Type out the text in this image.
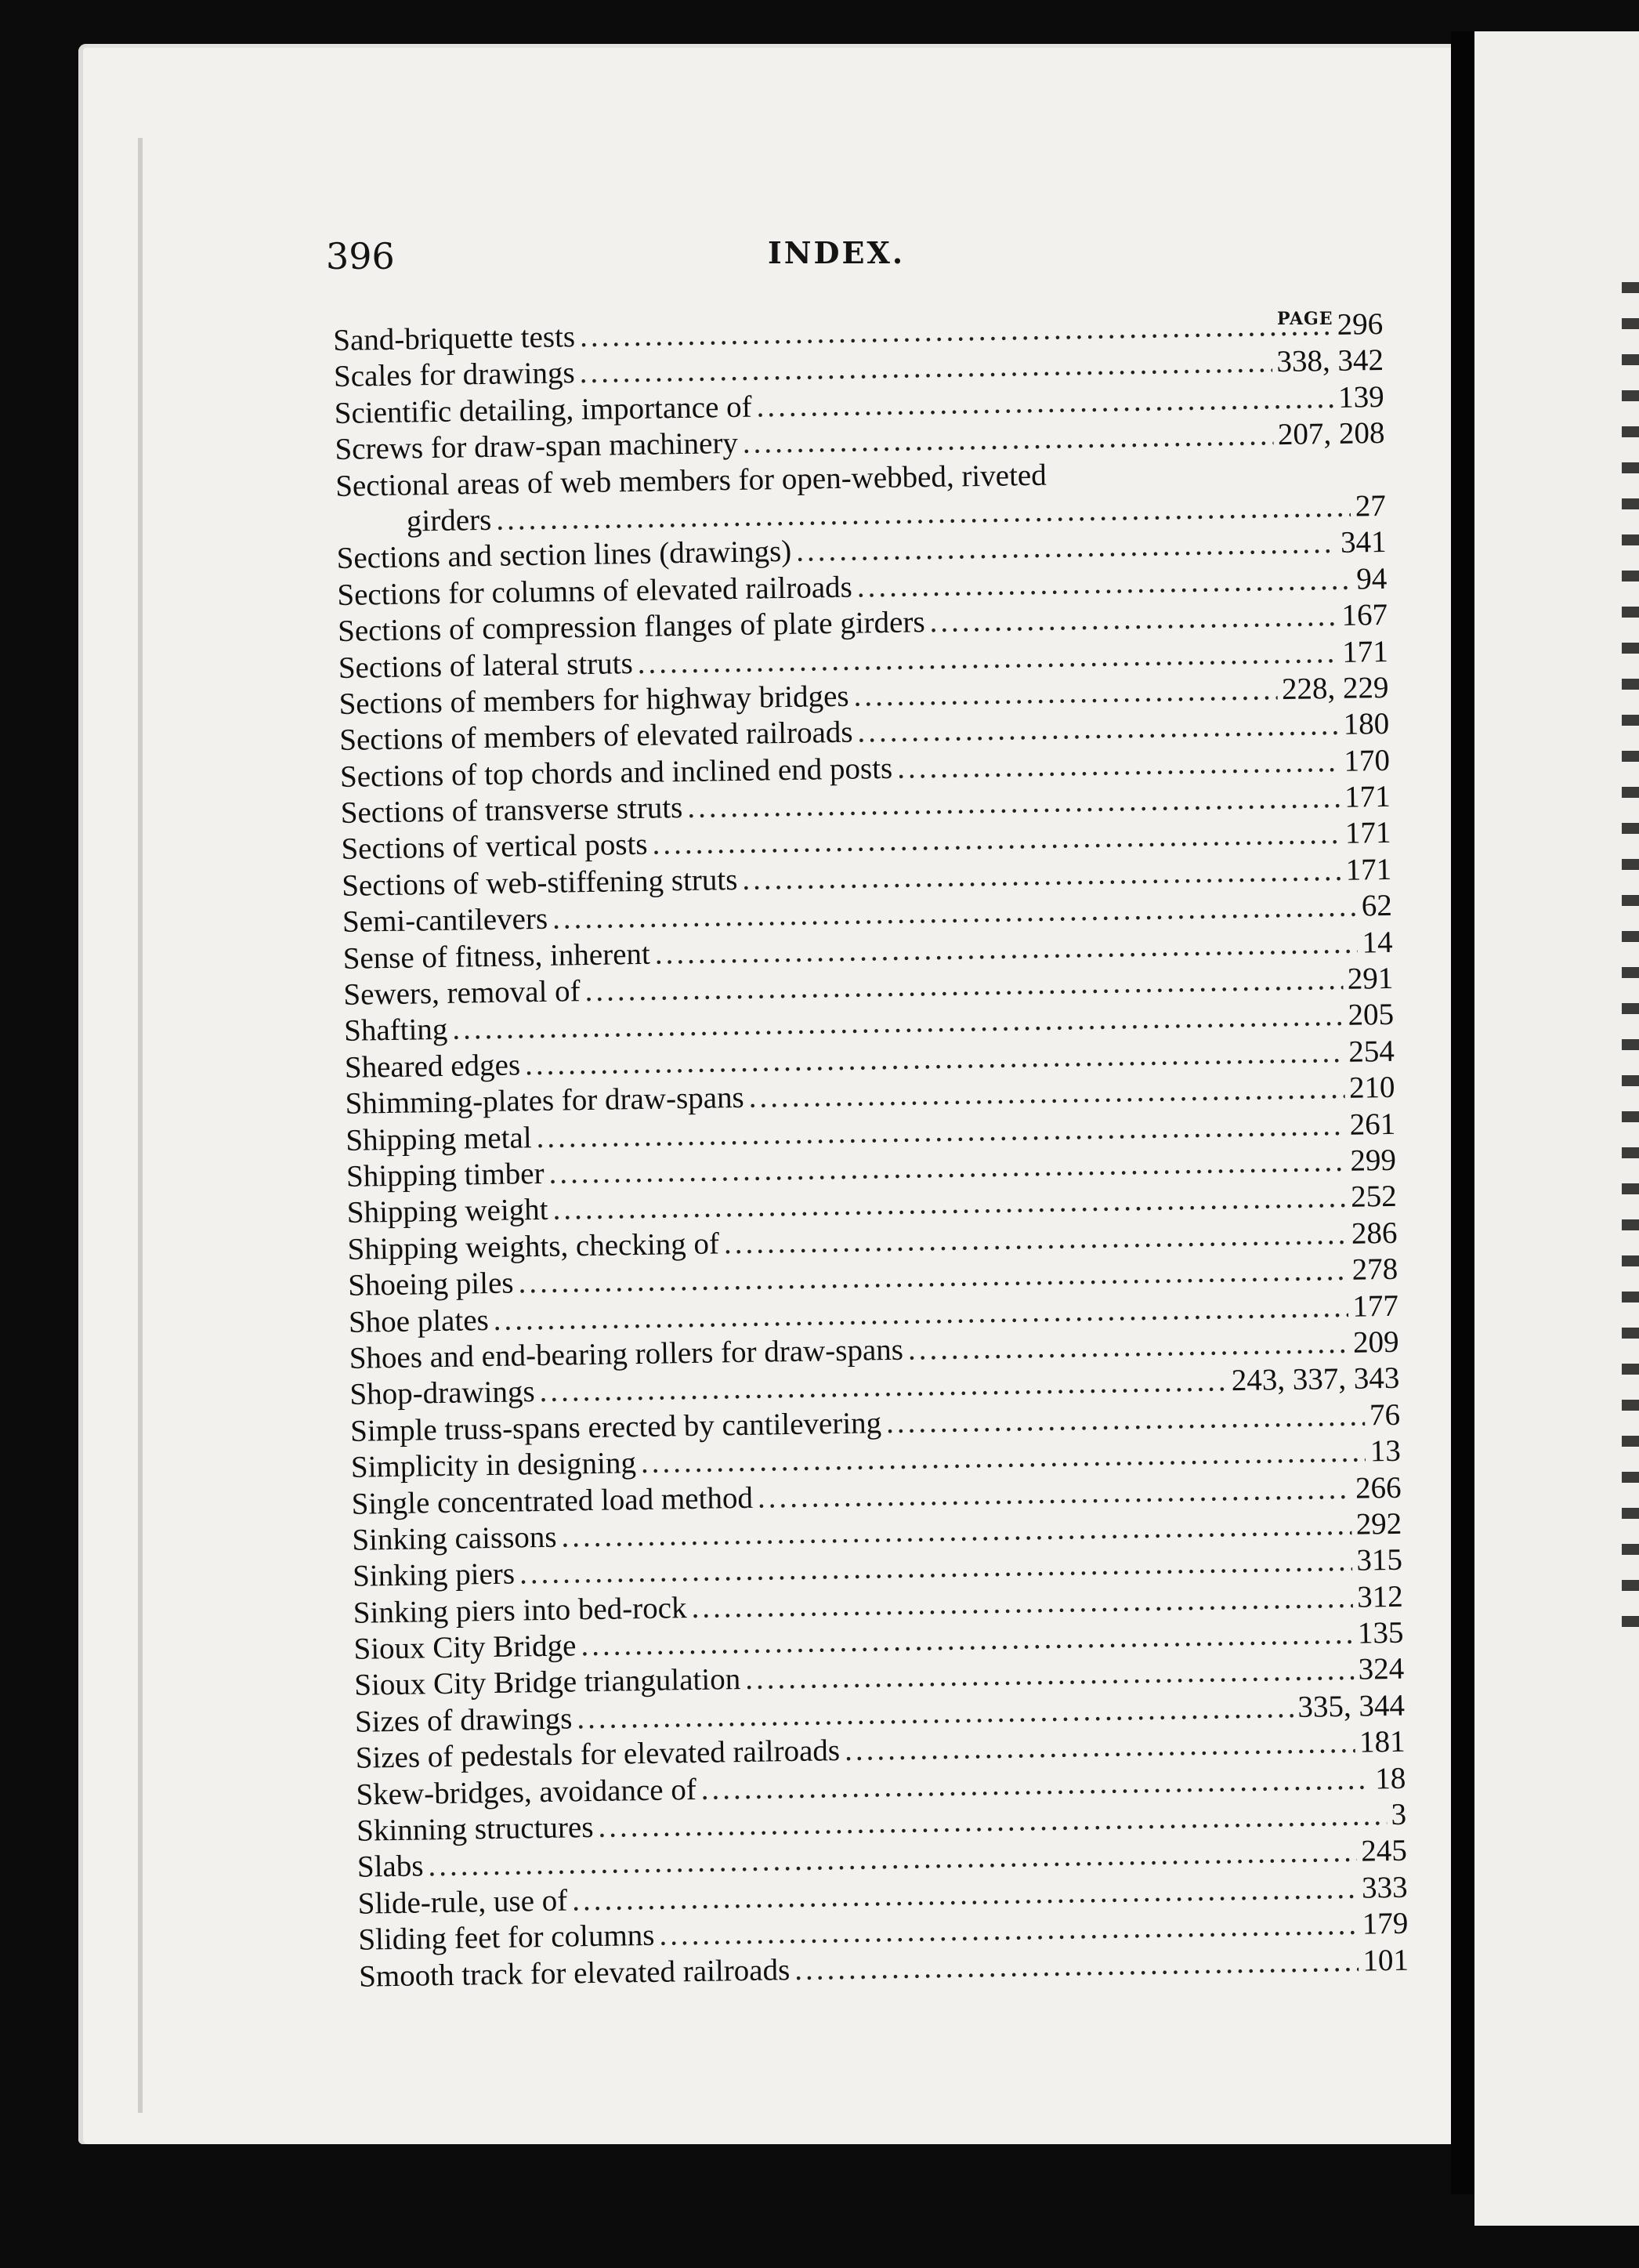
396	INDEX.
PAGE
Sand-briquette tests .....	296
Scales for drawings .....	338, 342
Scientific detailing, importance of .....	139
Screws for draw-span machinery .....	207, 208
Sectional areas of web members for open-webbed, riveted
girders .....	27
Sections and section lines (drawings) .....	341
Sections for columns of elevated railroads .....	94
Sections of compression flanges of plate girders .....	167
Sections of lateral struts .....	171
Sections of members for highway bridges .....	228, 229
Sections of members of elevated railroads .....	180
Sections of top chords and inclined end posts .....	170
Sections of transverse struts .....	171
Sections of vertical posts .....	171
Sections of web-stiffening struts .....	171
Semi-cantilevers .....	62
Sense of fitness, inherent .....	14
Sewers, removal of .....	291
Shafting .....	205
Sheared edges .....	254
Shimming-plates for draw-spans .....	210
Shipping metal .....	261
Shipping timber .....	299
Shipping weight .....	252
Shipping weights, checking of .....	286
Shoeing piles .....	278
Shoe plates .....	177
Shoes and end-bearing rollers for draw-spans .....	209
Shop-drawings .....	243, 337, 343
Simple truss-spans erected by cantilevering .....	76
Simplicity in designing .....	13
Single concentrated load method .....	266
Sinking caissons .....	292
Sinking piers .....	315
Sinking piers into bed-rock .....	312
Sioux City Bridge .....	135
Sioux City Bridge triangulation .....	324
Sizes of drawings .....	335, 344
Sizes of pedestals for elevated railroads .....	181
Skew-bridges, avoidance of .....	18
Skinning structures .....	3
Slabs .....	245
Slide-rule, use of .....	333
Sliding feet for columns .....	179
Smooth track for elevated railroads .....	101
